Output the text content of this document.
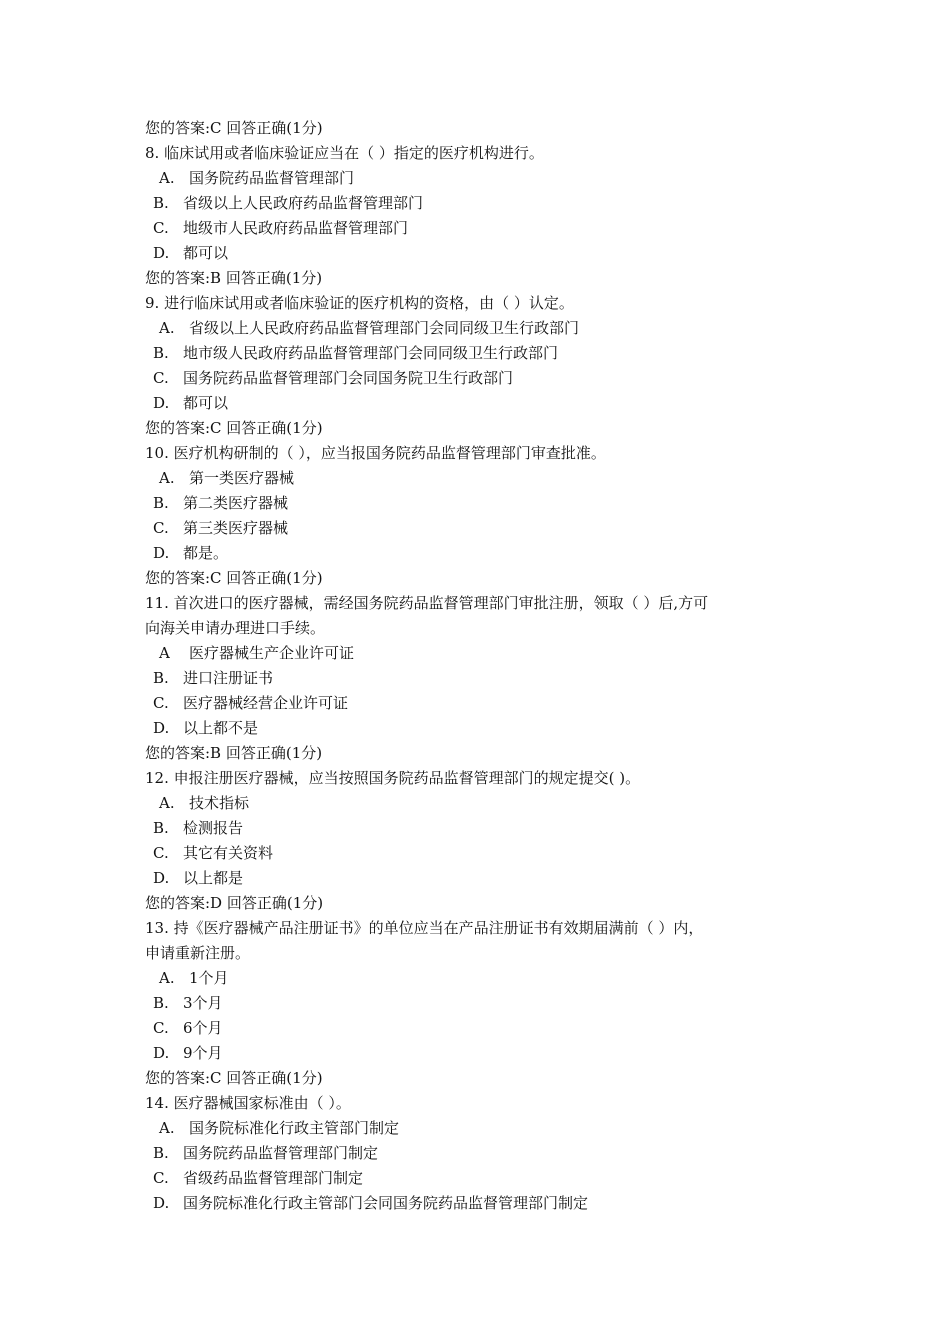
您的答案:C 回答正确(1分)
8. 临床试用或者临床验证应当在（ ）指定的医疗机构进行。
A. 国务院药品监督管理部门
B. 省级以上人民政府药品监督管理部门
C. 地级市人民政府药品监督管理部门
D. 都可以
您的答案:B 回答正确(1分)
9. 进行临床试用或者临床验证的医疗机构的资格，由（ ）认定。
A. 省级以上人民政府药品监督管理部门会同同级卫生行政部门
B. 地市级人民政府药品监督管理部门会同同级卫生行政部门
C. 国务院药品监督管理部门会同国务院卫生行政部门
D. 都可以
您的答案:C 回答正确(1分)
10. 医疗机构研制的（ ），应当报国务院药品监督管理部门审查批准。
A. 第一类医疗器械
B. 第二类医疗器械
C. 第三类医疗器械
D. 都是。
您的答案:C 回答正确(1分)
11. 首次进口的医疗器械，需经国务院药品监督管理部门审批注册，领取（ ）后,方可
向海关申请办理进口手续。
A 医疗器械生产企业许可证
B. 进口注册证书
C. 医疗器械经营企业许可证
D. 以上都不是
您的答案:B 回答正确(1分)
12. 申报注册医疗器械，应当按照国务院药品监督管理部门的规定提交( )。
A. 技术指标
B. 检测报告
C. 其它有关资料
D. 以上都是
您的答案:D 回答正确(1分)
13. 持《医疗器械产品注册证书》的单位应当在产品注册证书有效期届满前（ ）内，
申请重新注册。
A. 1个月
B. 3个月
C. 6个月
D. 9个月
您的答案:C 回答正确(1分)
14. 医疗器械国家标准由（ ）。
A. 国务院标准化行政主管部门制定
B. 国务院药品监督管理部门制定
C. 省级药品监督管理部门制定
D. 国务院标准化行政主管部门会同国务院药品监督管理部门制定
